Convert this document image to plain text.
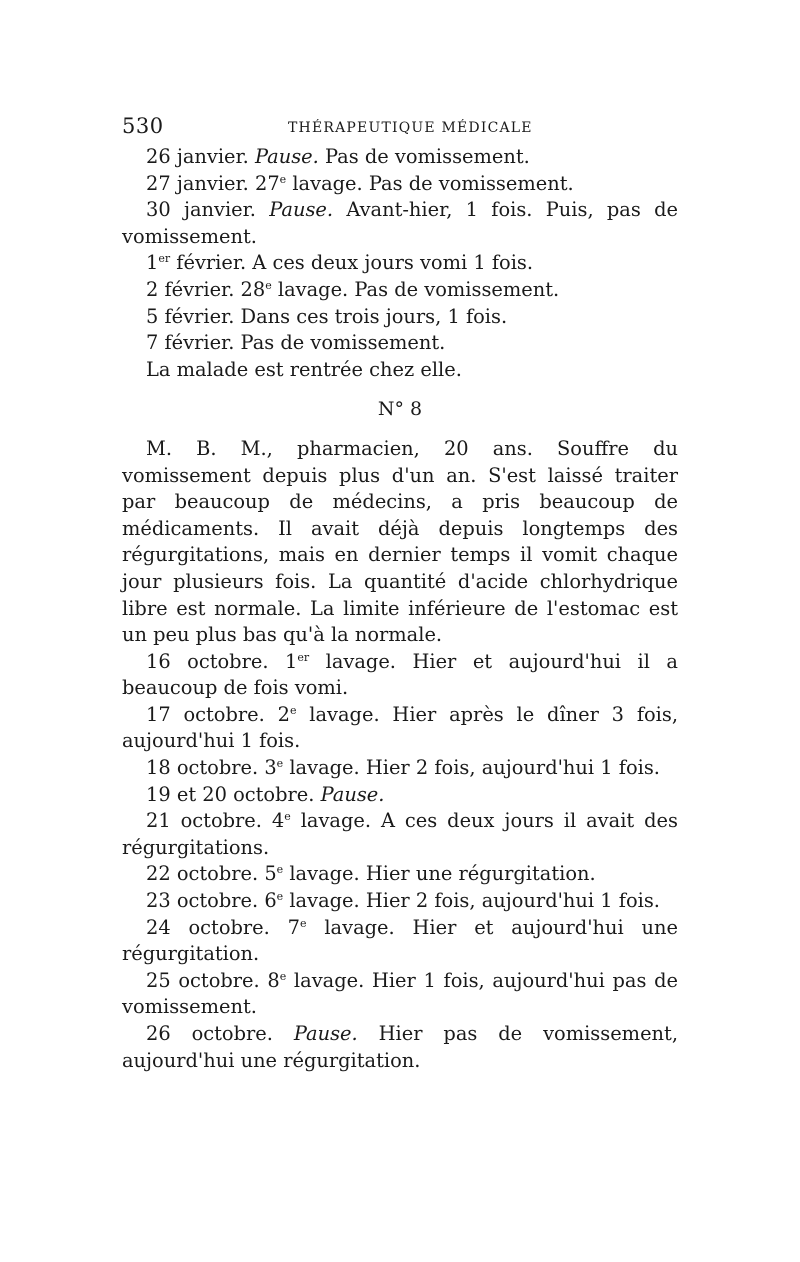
530	THÉRAPEUTIQUE MÉDICALE

26 janvier. Pause. Pas de vomissement.

27 janvier. 27e lavage. Pas de vomissement.

30 janvier. Pause. Avant-hier, 1 fois. Puis, pas de vomissement.

1er février. A ces deux jours vomi 1 fois.

2 février. 28e lavage. Pas de vomissement.

5 février. Dans ces trois jours, 1 fois.

7 février. Pas de vomissement.

La malade est rentrée chez elle.

N° 8

M. B. M., pharmacien, 20 ans. Souffre du vomissement depuis plus d'un an. S'est laissé traiter par beaucoup de médecins, a pris beaucoup de médicaments. Il avait déjà depuis longtemps des régurgitations, mais en dernier temps il vomit chaque jour plusieurs fois. La quantité d'acide chlorhydrique libre est normale. La limite inférieure de l'estomac est un peu plus bas qu'à la normale.

16 octobre. 1er lavage. Hier et aujourd'hui il a beaucoup de fois vomi.

17 octobre. 2e lavage. Hier après le dîner 3 fois, aujourd'hui 1 fois.

18 octobre. 3e lavage. Hier 2 fois, aujourd'hui 1 fois.

19 et 20 octobre. Pause.

21 octobre. 4e lavage. A ces deux jours il avait des régurgitations.

22 octobre. 5e lavage. Hier une régurgitation.

23 octobre. 6e lavage. Hier 2 fois, aujourd'hui 1 fois.

24 octobre. 7e lavage. Hier et aujourd'hui une régurgitation.

25 octobre. 8e lavage. Hier 1 fois, aujourd'hui pas de vomissement.

26 octobre. Pause. Hier pas de vomissement, aujourd'hui une régurgitation.
